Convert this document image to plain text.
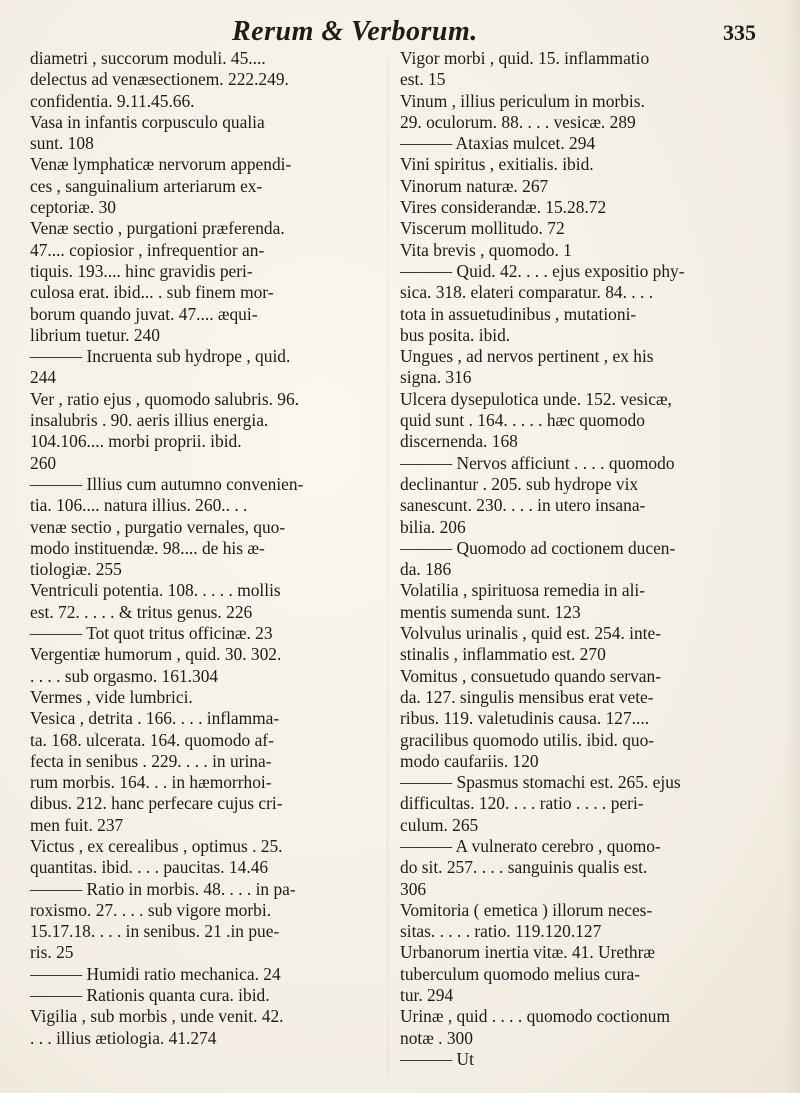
Rerum & Verborum.	335
diametri , succorum moduli. 45....
delectus ad venæsectionem. 222.249.
confidentia. 9.11.45.66.
Vasa in infantis corpusculo qualia
sunt. 108
Venæ lymphaticæ nervorum appendi-
ces , sanguinalium arteriarum ex-
ceptoriæ. 30
Venæ sectio , purgationi præferenda.
47.... copiosior , infrequentior an-
tiquis. 193.... hinc gravidis peri-
culosa erat. ibid... . sub finem mor-
borum quando juvat. 47.... æqui-
librium tuetur. 240
——— Incruenta sub hydrope , quid.
244
Ver , ratio ejus , quomodo salubris. 96.
insalubris . 90. aeris illius energia.
104.106.... morbi proprii. ibid.
260
——— Illius cum autumno convenien-
tia. 106.... natura illius. 260.. . .
venæ sectio , purgatio vernales, quo-
modo instituendæ. 98.... de his æ-
tiologiæ. 255
Ventriculi potentia. 108. . . . . mollis
est. 72. . . . . & tritus genus. 226
——— Tot quot tritus officinæ. 23
Vergentiæ humorum , quid. 30. 302.
. . . . sub orgasmo. 161.304
Vermes , vide lumbrici.
Vesica , detrita . 166. . . . inflamma-
ta. 168. ulcerata. 164. quomodo af-
fecta in senibus . 229. . . . in urina-
rum morbis. 164. . . in hæmorrhoi-
dibus. 212. hanc perfecare cujus cri-
men fuit. 237
Victus , ex cerealibus , optimus . 25.
quantitas. ibid. . . . paucitas. 14.46
——— Ratio in morbis. 48. . . . in pa-
roxismo. 27. . . . sub vigore morbi.
15.17.18. . . . in senibus. 21 .in pue-
ris. 25
——— Humidi ratio mechanica. 24
——— Rationis quanta cura. ibid.
Vigilia , sub morbis , unde venit. 42.
. . . illius ætiologia. 41.274
Vigor morbi , quid. 15. inflammatio
est. 15
Vinum , illius periculum in morbis.
29. oculorum. 88. . . . vesicæ. 289
——— Ataxias mulcet. 294
Vini spiritus , exitialis. ibid.
Vinorum naturæ. 267
Vires considerandæ. 15.28.72
Viscerum mollitudo. 72
Vita brevis , quomodo. 1
——— Quid. 42. . . . ejus expositio phy-
sica. 318. elateri comparatur. 84. . . .
tota in assuetudinibus , mutationi-
bus posita. ibid.
Ungues , ad nervos pertinent , ex his
signa. 316
Ulcera dysepulotica unde. 152. vesicæ,
quid sunt . 164. . . . . hæc quomodo
discernenda. 168
——— Nervos afficiunt . . . . quomodo
declinantur . 205. sub hydrope vix
sanescunt. 230. . . . in utero insana-
bilia. 206
——— Quomodo ad coctionem ducen-
da. 186
Volatilia , spirituosa remedia in ali-
mentis sumenda sunt. 123
Volvulus urinalis , quid est. 254. inte-
stinalis , inflammatio est. 270
Vomitus , consuetudo quando servan-
da. 127. singulis mensibus erat vete-
ribus. 119. valetudinis causa. 127....
gracilibus quomodo utilis. ibid. quo-
modo caufariis. 120
——— Spasmus stomachi est. 265. ejus
difficultas. 120. . . . ratio . . . . peri-
culum. 265
——— A vulnerato cerebro , quomo-
do sit. 257. . . . sanguinis qualis est.
306
Vomitoria ( emetica ) illorum neces-
sitas. . . . . ratio. 119.120.127
Urbanorum inertia vitæ. 41. Urethræ
tuberculum quomodo melius cura-
tur. 294
Urinæ , quid . . . . quomodo coctionum
notæ . 300
——— Ut
